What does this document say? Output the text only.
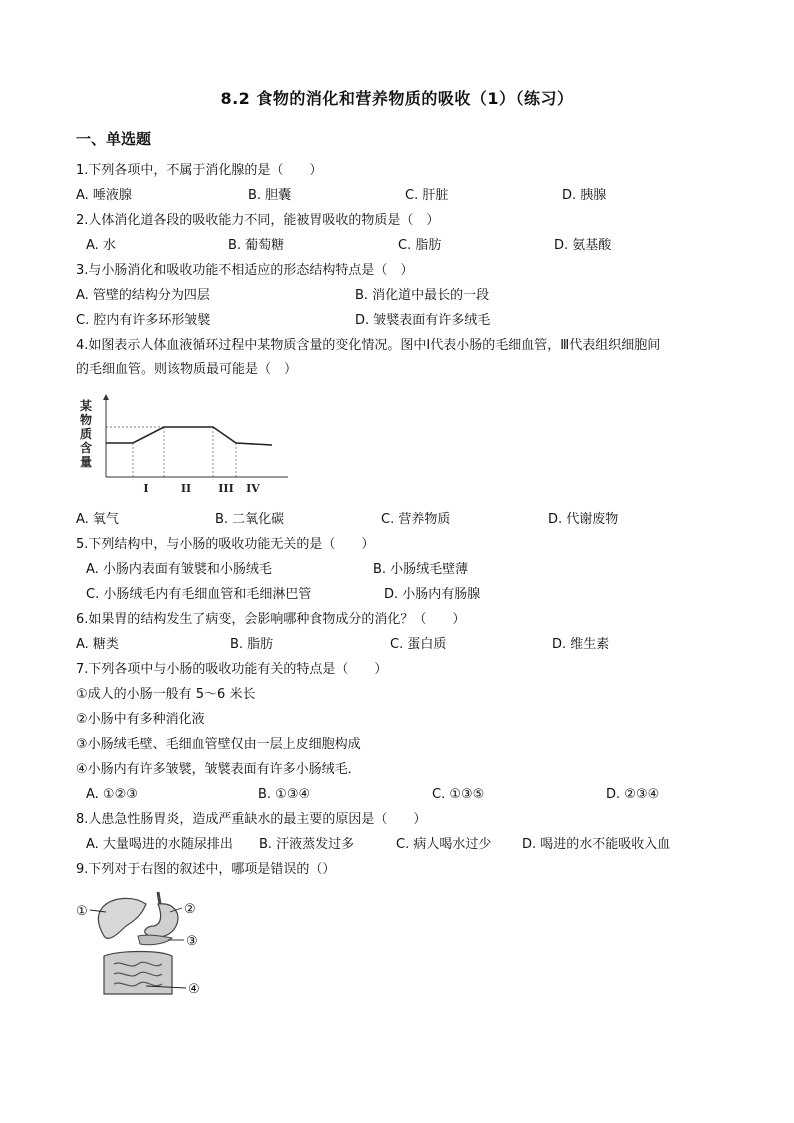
8.2 食物的消化和营养物质的吸收（1）（练习）
一、单选题
1.下列各项中，不属于消化腺的是（　　）
A. 唾液腺	B. 胆囊	C. 肝脏	D. 胰腺
2.人体消化道各段的吸收能力不同，能被胃吸收的物质是（　）
A. 水	B. 葡萄糖	C. 脂肪	D. 氨基酸
3.与小肠消化和吸收功能不相适应的形态结构特点是（　）
A. 管壁的结构分为四层	B. 消化道中最长的一段
C. 腔内有许多环形皱襞	D. 皱襞表面有许多绒毛
4.如图表示人体血液循环过程中某物质含量的变化情况。图中Ⅰ代表小肠的毛细血管，Ⅲ代表组织细胞间
的毛细血管。则该物质最可能是（　）
某
物
质
含
量
I	II III IV
A. 氧气	B. 二氧化碳	C. 营养物质	D. 代谢废物
5.下列结构中，与小肠的吸收功能无关的是（　　）
A. 小肠内表面有皱襞和小肠绒毛	B. 小肠绒毛壁薄
C. 小肠绒毛内有毛细血管和毛细淋巴管	D. 小肠内有肠腺
6.如果胃的结构发生了病变，会影响哪种食物成分的消化？（　　）
A. 糖类	B. 脂肪	C. 蛋白质	D. 维生素
7.下列各项中与小肠的吸收功能有关的特点是（　　）
①成人的小肠一般有 5～6 米长
②小肠中有多种消化液
③小肠绒毛壁、毛细血管壁仅由一层上皮细胞构成
④小肠内有许多皱襞，皱襞表面有许多小肠绒毛．
A. ①②③	B. ①③④	C. ①③⑤	D. ②③④
8.人患急性肠胃炎，造成严重缺水的最主要的原因是（　　）
A. 大量喝进的水随尿排出 B. 汗液蒸发过多	C. 病人喝水过少 D. 喝进的水不能吸收入血
9.下列对于右图的叙述中，哪项是错误的（）
①	②
③
④
